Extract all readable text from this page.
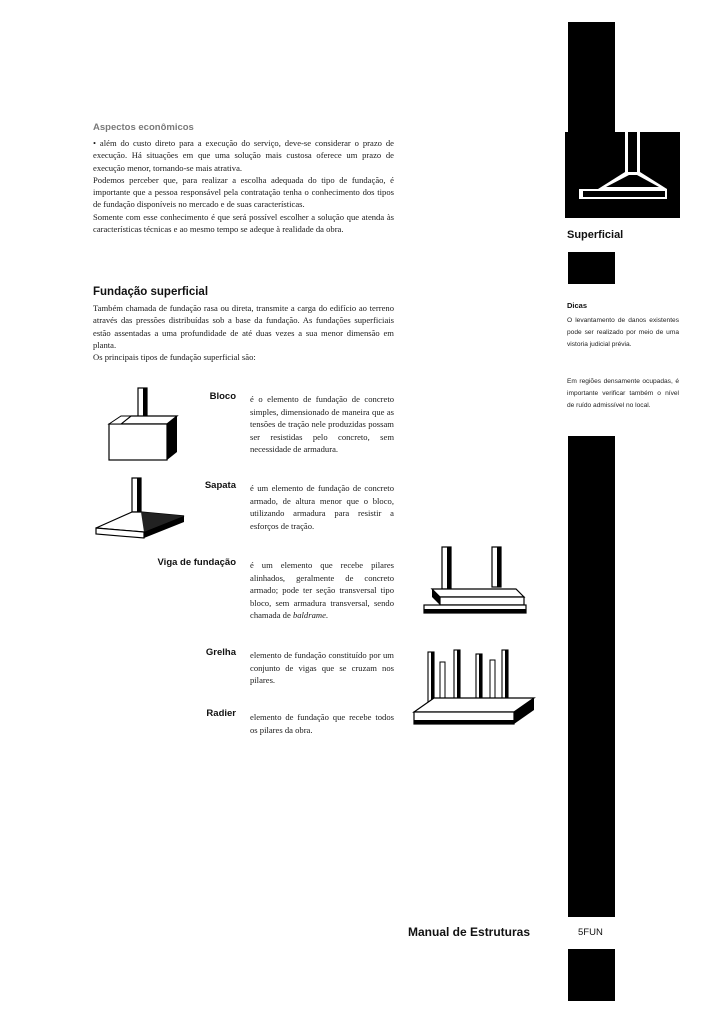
Superficial
Dicas
O levantamento de danos existentes pode ser realizado por meio de uma vistoria judicial prévia.
Em regiões densamente ocupadas, é importante verificar também o nível de ruído admissível no local.
5FUN
Manual de Estruturas
Aspectos econômicos

• além do custo direto para a execução do serviço, deve-se considerar o prazo de execução. Há situações em que uma solução mais custosa oferece um prazo de execução menor, tornando-se mais atrativa.

Podemos perceber que, para realizar a escolha adequada do tipo de fundação, é importante que a pessoa responsável pela contratação tenha o conhecimento dos tipos de fundação disponíveis no mercado e de suas características.

Somente com esse conhecimento é que será possível escolher a solução que atenda às características técnicas e ao mesmo tempo se adeque à realidade da obra.

Fundação superficial

Também chamada de fundação rasa ou direta, transmite a carga do edifício ao terreno através das pressões distribuídas sob a base da fundação. As fundações superficiais estão assentadas a uma profundidade de até duas vezes a sua menor dimensão em planta.

Os principais tipos de fundação superficial são:

Bloco é o elemento de fundação de concreto simples, dimensionado de maneira que as tensões de tração nele produzidas possam ser resistidas pelo concreto, sem necessidade de armadura.
Sapata é um elemento de fundação de concreto armado, de altura menor que o bloco, utilizando armadura para resistir a esforços de tração.
Viga de fundação é um elemento que recebe pilares alinhados, geralmente de concreto armado; pode ter seção transversal tipo bloco, sem armadura transversal, sendo chamada de baldrame.
Grelha elemento de fundação constituído por um conjunto de vigas que se cruzam nos pilares.
Radier elemento de fundação que recebe todos os pilares da obra.
